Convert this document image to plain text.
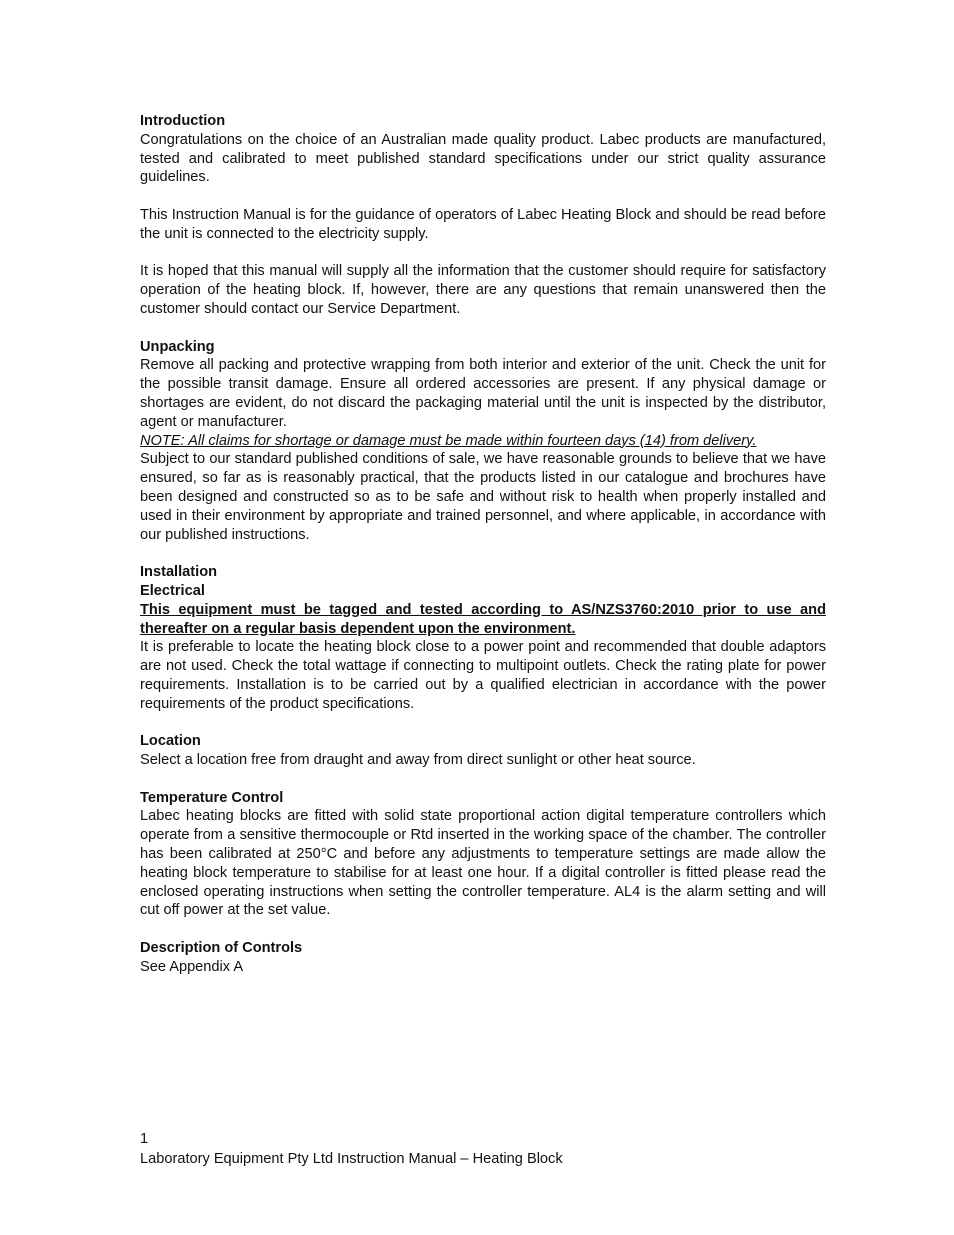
Introduction

Congratulations on the choice of an Australian made quality product. Labec products are manufactured, tested and calibrated to meet published standard specifications under our strict quality assurance guidelines.

This Instruction Manual is for the guidance of operators of Labec Heating Block and should be read before the unit is connected to the electricity supply.

It is hoped that this manual will supply all the information that the customer should require for satisfactory operation of the heating block. If, however, there are any questions that remain unanswered then the customer should contact our Service Department.

Unpacking

Remove all packing and protective wrapping from both interior and exterior of the unit. Check the unit for the possible transit damage. Ensure all ordered accessories are present. If any physical damage or shortages are evident, do not discard the packaging material until the unit is inspected by the distributor, agent or manufacturer.

NOTE: All claims for shortage or damage must be made within fourteen days (14) from delivery.

Subject to our standard published conditions of sale, we have reasonable grounds to believe that we have ensured, so far as is reasonably practical, that the products listed in our catalogue and brochures have been designed and constructed so as to be safe and without risk to health when properly installed and used in their environment by appropriate and trained personnel, and where applicable, in accordance with our published instructions.

Installation
Electrical

This equipment must be tagged and tested according to AS/NZS3760:2010 prior to use and thereafter on a regular basis dependent upon the environment.

It is preferable to locate the heating block close to a power point and recommended that double adaptors are not used. Check the total wattage if connecting to multipoint outlets. Check the rating plate for power requirements. Installation is to be carried out by a qualified electrician in accordance with the power requirements of the product specifications.

Location

Select a location free from draught and away from direct sunlight or other heat source.

Temperature Control

Labec heating blocks are fitted with solid state proportional action digital temperature controllers which operate from a sensitive thermocouple or Rtd inserted in the working space of the chamber. The controller has been calibrated at 250°C and before any adjustments to temperature settings are made allow the heating block temperature to stabilise for at least one hour. If a digital controller is fitted please read the enclosed operating instructions when setting the controller temperature. AL4 is the alarm setting and will cut off power at the set value.

Description of Controls

See Appendix A

1
Laboratory Equipment Pty Ltd Instruction Manual – Heating Block
